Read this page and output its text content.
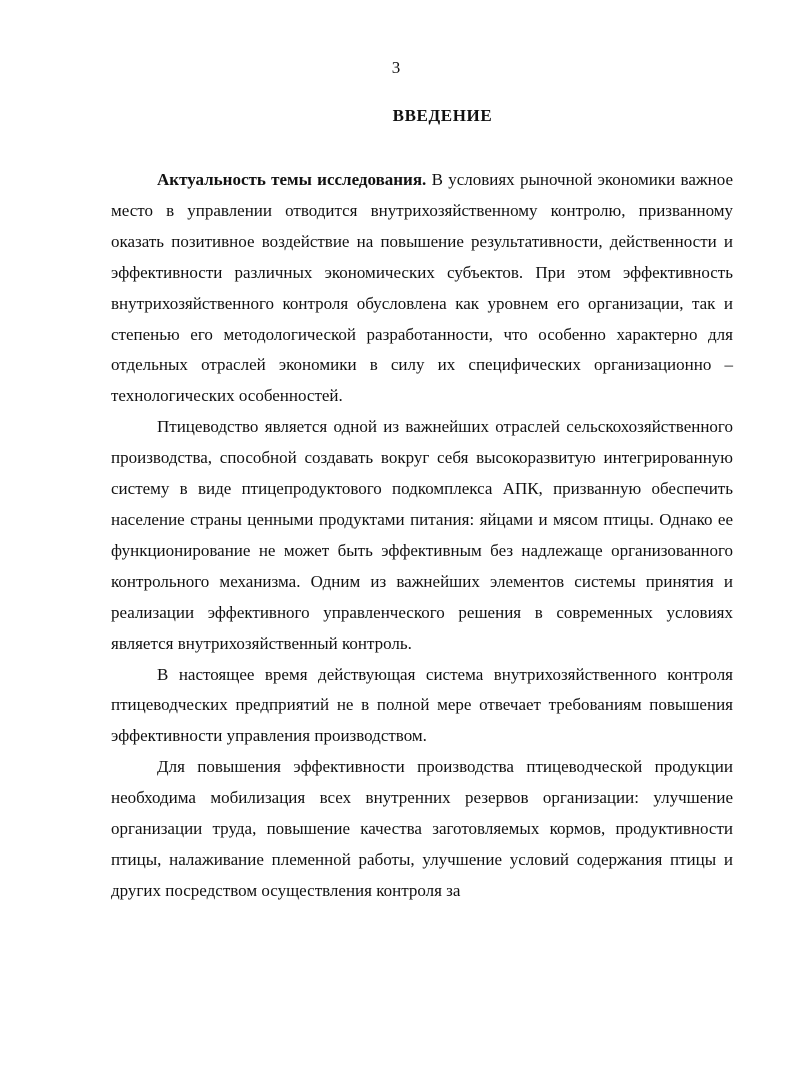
3
ВВЕДЕНИЕ

Актуальность темы исследования. В условиях рыночной экономики важное место в управлении отводится внутрихозяйственному контролю, призванному оказать позитивное воздействие на повышение результативности, действенности и эффективности различных экономических субъектов. При этом эффективность внутрихозяйственного контроля обусловлена как уровнем его организации, так и степенью его методологической разработанности, что особенно характерно для отдельных отраслей экономики в силу их специфических организационно – технологических особенностей.

Птицеводство является одной из важнейших отраслей сельскохозяйственного производства, способной создавать вокруг себя высокоразвитую интегрированную систему в виде птицепродуктового подкомплекса АПК, призванную обеспечить население страны ценными продуктами питания: яйцами и мясом птицы. Однако ее функционирование не может быть эффективным без надлежаще организованного контрольного механизма. Одним из важнейших элементов системы принятия и реализации эффективного управленческого решения в современных условиях является внутрихозяйственный контроль.

В настоящее время действующая система внутрихозяйственного контроля птицеводческих предприятий не в полной мере отвечает требованиям повышения эффективности управления производством.

Для повышения эффективности производства птицеводческой продукции необходима мобилизация всех внутренних резервов организации: улучшение организации труда, повышение качества заготовляемых кормов, продуктивности птицы, налаживание племенной работы, улучшение условий содержания птицы и других посредством осуществления контроля за
